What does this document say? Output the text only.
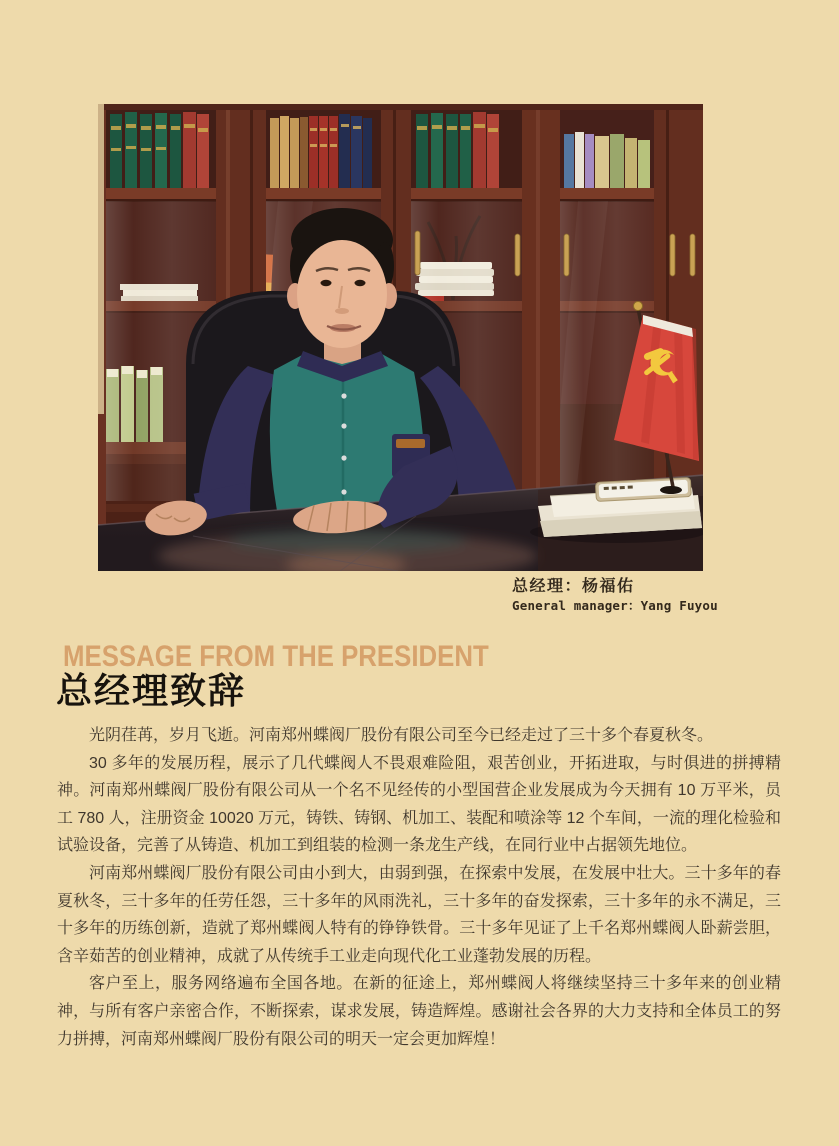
总经理：杨福佑
General manager：Yang Fuyou
MESSAGE FROM THE PRESIDENT
总经理致辞

光阴荏苒，岁月飞逝。河南郑州蝶阀厂股份有限公司至今已经走过了三十多个春夏秋冬。

30 多年的发展历程，展示了几代蝶阀人不畏艰难险阻，艰苦创业，开拓进取，与时俱进的拼搏精神。河南郑州蝶阀厂股份有限公司从一个名不见经传的小型国营企业发展成为今天拥有 10 万平米，员工 780 人，注册资金 10020 万元，铸铁、铸钢、机加工、装配和喷涂等 12 个车间，一流的理化检验和试验设备，完善了从铸造、机加工到组装的检测一条龙生产线，在同行业中占据领先地位。

河南郑州蝶阀厂股份有限公司由小到大，由弱到强，在探索中发展，在发展中壮大。三十多年的春夏秋冬，三十多年的任劳任怨，三十多年的风雨洗礼，三十多年的奋发探索，三十多年的永不满足，三十多年的历练创新，造就了郑州蝶阀人特有的铮铮铁骨。三十多年见证了上千名郑州蝶阀人卧薪尝胆，含辛茹苦的创业精神，成就了从传统手工业走向现代化工业蓬勃发展的历程。

客户至上，服务网络遍布全国各地。在新的征途上，郑州蝶阀人将继续坚持三十多年来的创业精神，与所有客户亲密合作，不断探索，谋求发展，铸造辉煌。感谢社会各界的大力支持和全体员工的努力拼搏，河南郑州蝶阀厂股份有限公司的明天一定会更加辉煌！
